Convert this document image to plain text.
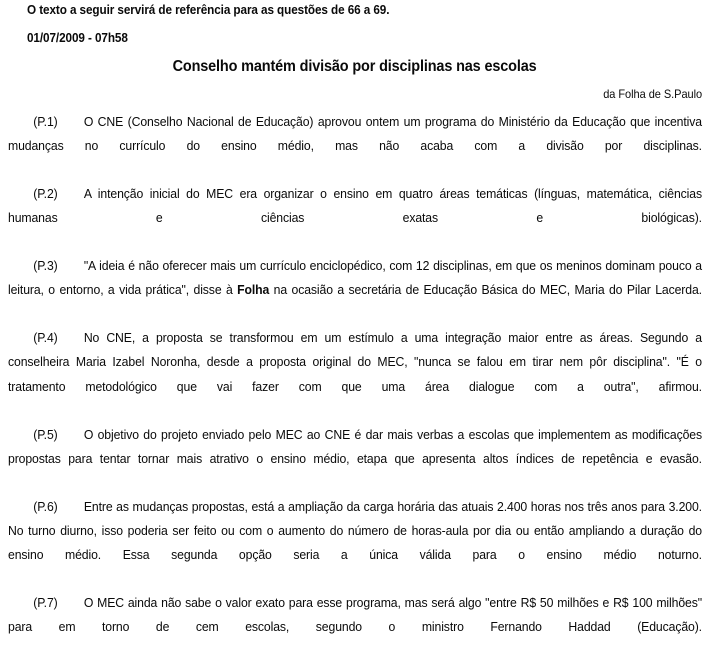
O texto a seguir servirá de referência para as questões de 66 a 69.
01/07/2009 - 07h58
Conselho mantém divisão por disciplinas nas escolas
da Folha de S.Paulo

(P.1) O CNE (Conselho Nacional de Educação) aprovou ontem um programa do Ministério da Educação que incentiva mudanças no currículo do ensino médio, mas não acaba com a divisão por disciplinas.

(P.2) A intenção inicial do MEC era organizar o ensino em quatro áreas temáticas (línguas, matemática, ciências humanas e ciências exatas e biológicas).

(P.3) "A ideia é não oferecer mais um currículo enciclopédico, com 12 disciplinas, em que os meninos dominam pouco a leitura, o entorno, a vida prática", disse à Folha na ocasião a secretária de Educação Básica do MEC, Maria do Pilar Lacerda.

(P.4) No CNE, a proposta se transformou em um estímulo a uma integração maior entre as áreas. Segundo a conselheira Maria Izabel Noronha, desde a proposta original do MEC, "nunca se falou em tirar nem pôr disciplina". "É o tratamento metodológico que vai fazer com que uma área dialogue com a outra", afirmou.

(P.5) O objetivo do projeto enviado pelo MEC ao CNE é dar mais verbas a escolas que implementem as modificações propostas para tentar tornar mais atrativo o ensino médio, etapa que apresenta altos índices de repetência e evasão.

(P.6) Entre as mudanças propostas, está a ampliação da carga horária das atuais 2.400 horas nos três anos para 3.200. No turno diurno, isso poderia ser feito ou com o aumento do número de horas-aula por dia ou então ampliando a duração do ensino médio. Essa segunda opção seria a única válida para o ensino médio noturno.

(P.7) O MEC ainda não sabe o valor exato para esse programa, mas será algo "entre R$ 50 milhões e R$ 100 milhões" para em torno de cem escolas, segundo o ministro Fernando Haddad (Educação).
